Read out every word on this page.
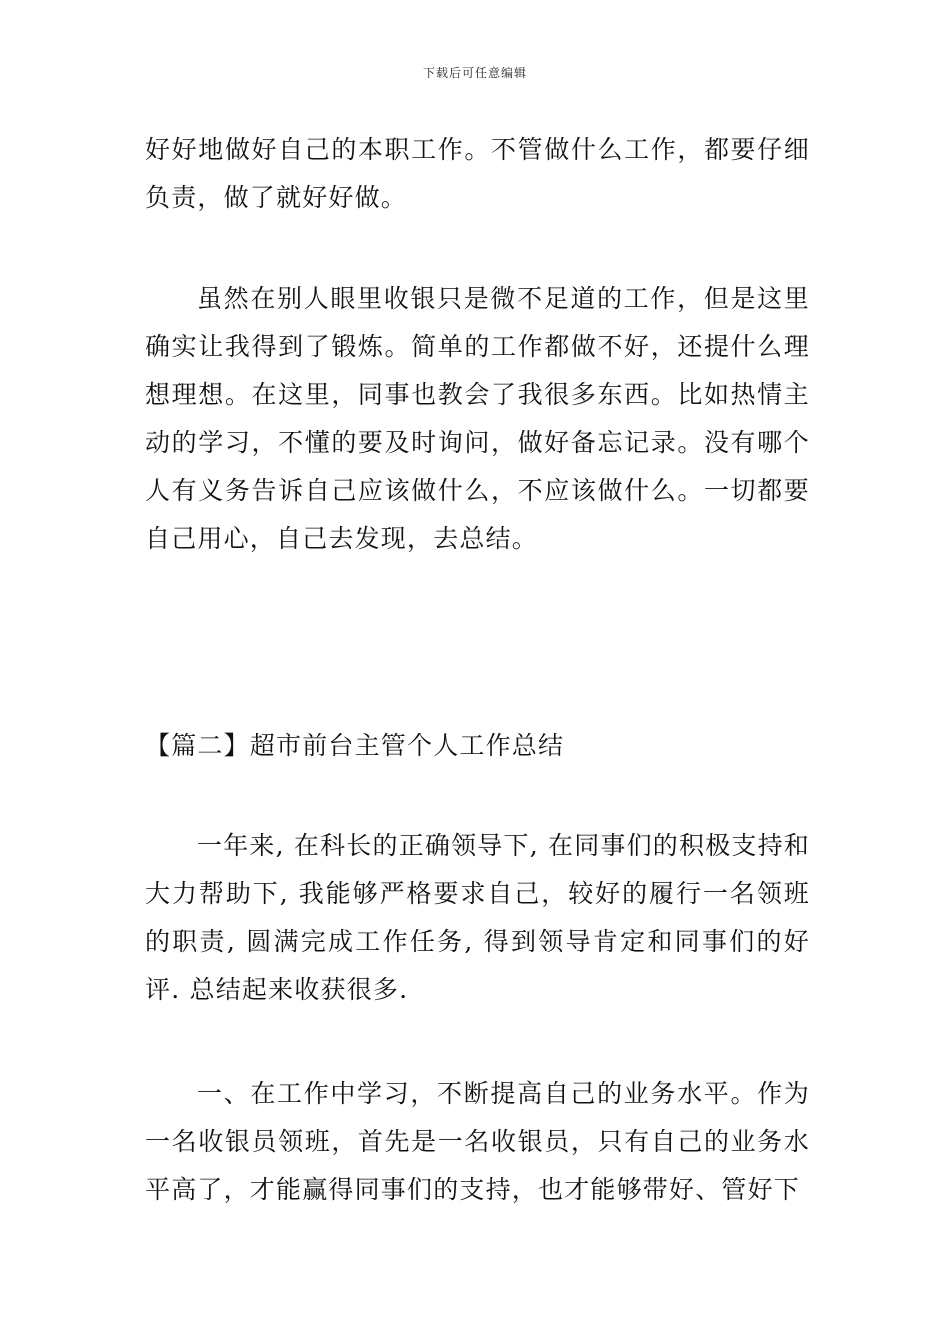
下载后可任意编辑

好好地做好自己的本职工作。不管做什么工作，都要仔细负责，做了就好好做。

虽然在别人眼里收银只是微不足道的工作，但是这里确实让我得到了锻炼。简单的工作都做不好，还提什么理想理想。在这里，同事也教会了我很多东西。比如热情主动的学习，不懂的要及时询问，做好备忘记录。没有哪个人有义务告诉自己应该做什么，不应该做什么。一切都要自己用心，自己去发现，去总结。

【篇二】超市前台主管个人工作总结

一年来, 在科长的正确领导下, 在同事们的积极支持和大力帮助下, 我能够严格要求自己，较好的履行一名领班的职责, 圆满完成工作任务, 得到领导肯定和同事们的好评. 总结起来收获很多.

一、在工作中学习，不断提高自己的业务水平。作为一名收银员领班，首先是一名收银员，只有自己的业务水平高了，才能赢得同事们的支持，也才能够带好、管好下
